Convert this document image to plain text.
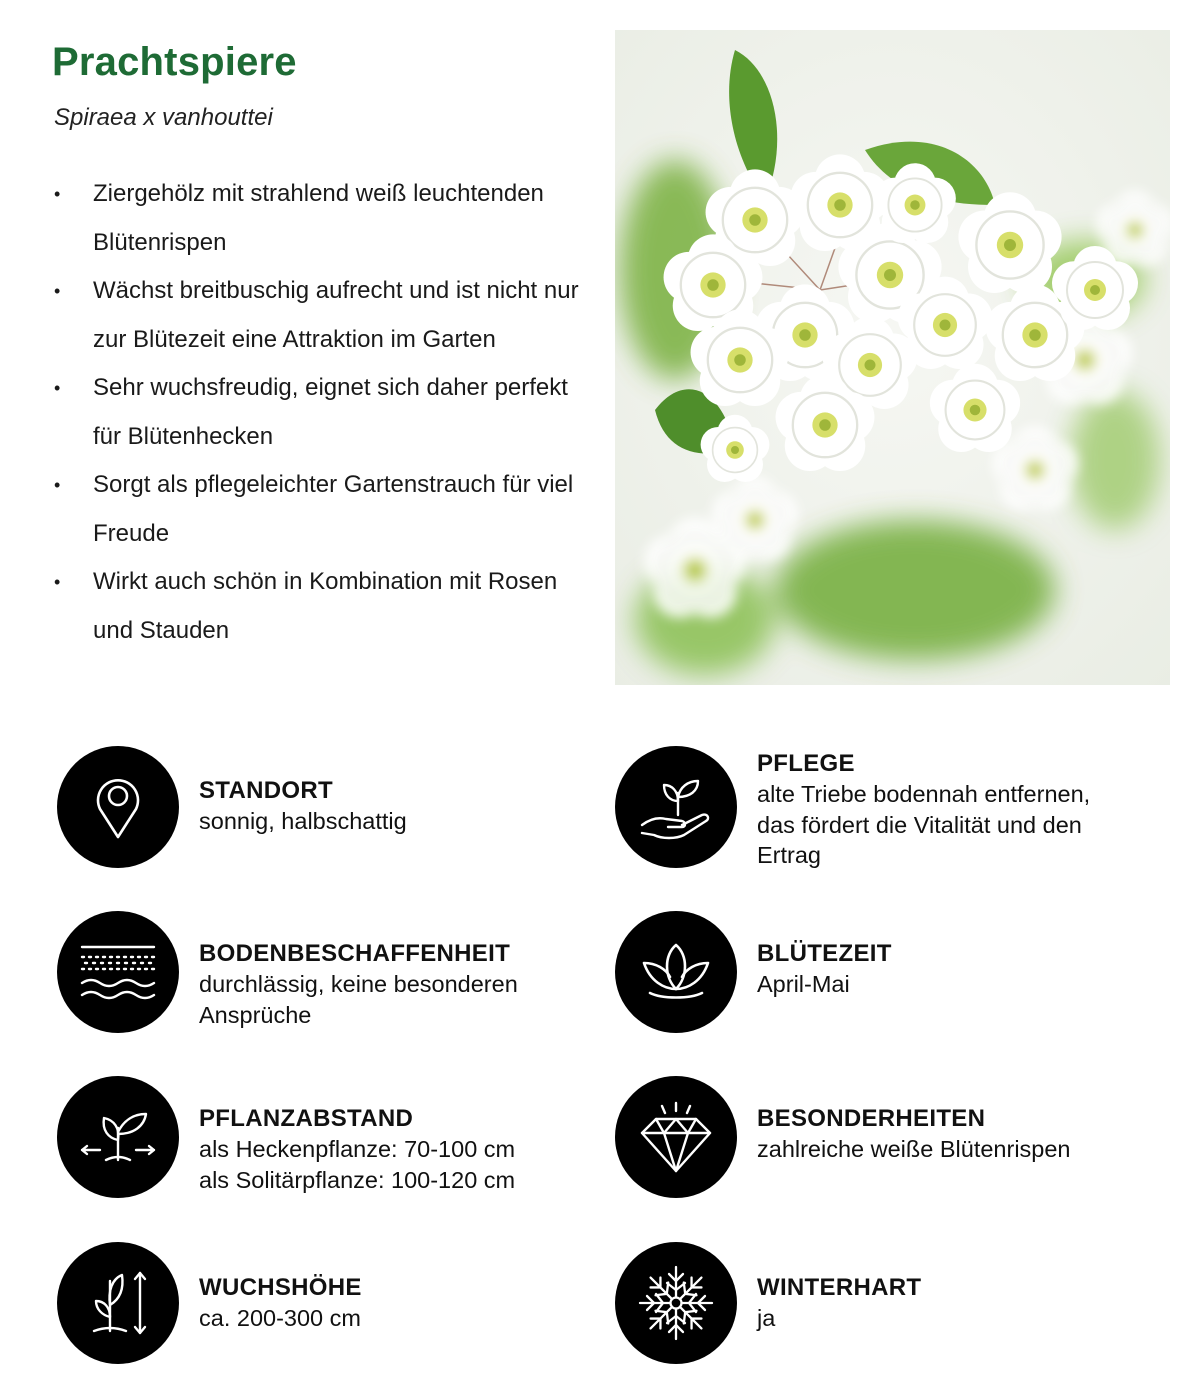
Prachtspiere

Spiraea x vanhouttei

• Ziergehölz mit strahlend weiß leuchtenden Blütenrispen
• Wächst breitbuschig aufrecht und ist nicht nur zur Blütezeit eine Attraktion im Garten
• Sehr wuchsfreudig, eignet sich daher perfekt für Blütenhecken
• Sorgt als pflegeleichter Gartenstrauch für viel Freude
• Wirkt auch schön in Kombination mit Rosen und Stauden
STANDORT
sonnig, halbschattig
BODENBESCHAFFENHEIT
durchlässig, keine besonderen
Ansprüche
PFLANZABSTAND
als Heckenpflanze: 70-100 cm
als Solitärpflanze: 100-120 cm
WUCHSHÖHE
ca. 200-300 cm
PFLEGE
alte Triebe bodennah entfernen,
das fördert die Vitalität und den
Ertrag
BLÜTEZEIT
April-Mai
BESONDERHEITEN
zahlreiche weiße Blütenrispen
WINTERHART
ja
